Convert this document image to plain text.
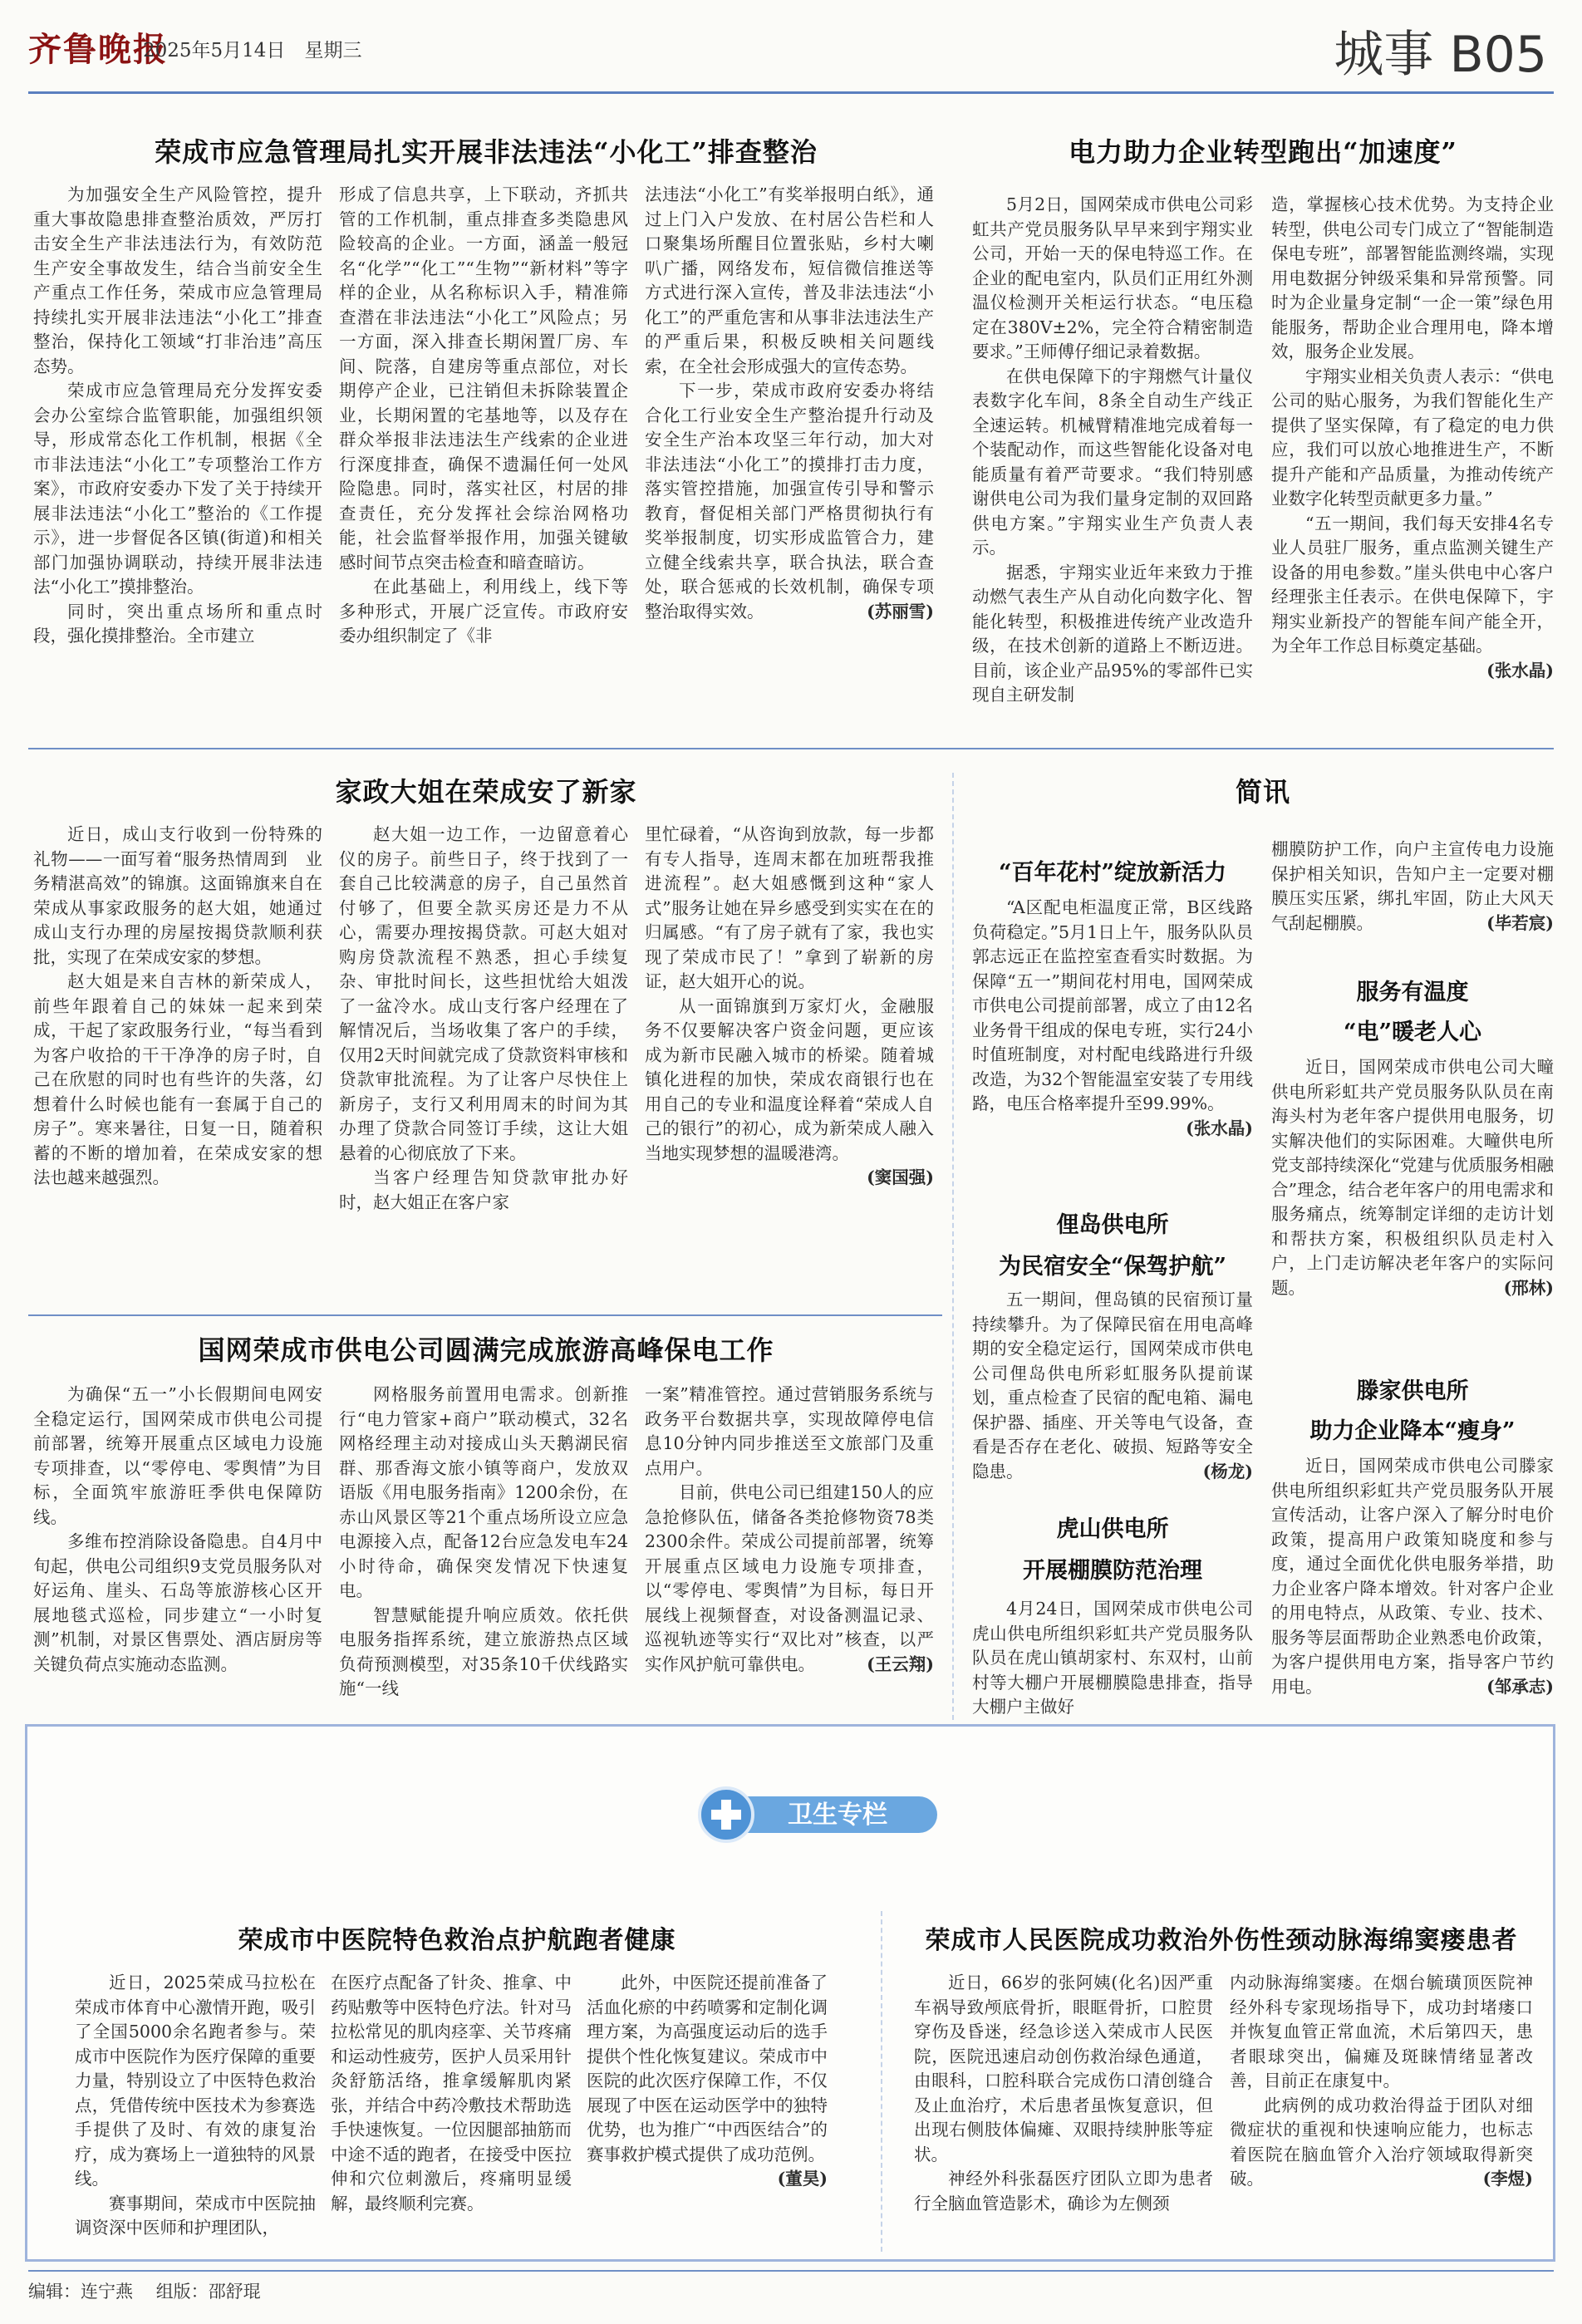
齐鲁晚报
2025年5月14日　 星期三	城事 B05
荣成市应急管理局扎实开展非法违法“小化工”排查整治

为加强安全生产风险管控，提升重大事故隐患排查整治质效，严厉打击安全生产非法违法行为，有效防范生产安全事故发生，结合当前安全生产重点工作任务，荣成市应急管理局持续扎实开展非法违法“小化工”排查整治，保持化工领域“打非治违”高压态势。

荣成市应急管理局充分发挥安委会办公室综合监管职能，加强组织领导，形成常态化工作机制，根据《全市非法违法“小化工”专项整治工作方案》，市政府安委办下发了关于持续开展非法违法“小化工”整治的《工作提示》，进一步督促各区镇(街道)和相关部门加强协调联动，持续开展非法违法“小化工”摸排整治。

同时，突出重点场所和重点时段，强化摸排整治。全市建立

形成了信息共享，上下联动，齐抓共管的工作机制，重点排查多类隐患风险较高的企业。一方面，涵盖一般冠名“化学”“化工”“生物”“新材料”等字样的企业，从名称标识入手，精准筛查潜在非法违法“小化工”风险点；另一方面，深入排查长期闲置厂房、车间、院落，自建房等重点部位，对长期停产企业，已注销但未拆除装置企业，长期闲置的宅基地等，以及存在群众举报非法违法生产线索的企业进行深度排查，确保不遗漏任何一处风险隐患。同时，落实社区，村居的排查责任，充分发挥社会综治网格功能，社会监督举报作用，加强关键敏感时间节点突击检查和暗查暗访。

在此基础上，利用线上，线下等多种形式，开展广泛宣传。市政府安委办组织制定了《非

法违法“小化工”有奖举报明白纸》，通过上门入户发放、在村居公告栏和人口聚集场所醒目位置张贴，乡村大喇叭广播，网络发布，短信微信推送等方式进行深入宣传，普及非法违法“小化工”的严重危害和从事非法违法生产的严重后果，积极反映相关问题线索，在全社会形成强大的宣传态势。

下一步，荣成市政府安委办将结合化工行业安全生产整治提升行动及安全生产治本攻坚三年行动，加大对非法违法“小化工”的摸排打击力度，落实管控措施，加强宣传引导和警示教育，督促相关部门严格贯彻执行有奖举报制度，切实形成监管合力，建立健全线索共享，联合执法，联合查处，联合惩戒的长效机制，确保专项整治取得实效。	(苏丽雪)

电力助力企业转型跑出“加速度”

5月2日，国网荣成市供电公司彩虹共产党员服务队早早来到宇翔实业公司，开始一天的保电特巡工作。在企业的配电室内，队员们正用红外测温仪检测开关柜运行状态。“电压稳定在380V±2%，完全符合精密制造要求。”王师傅仔细记录着数据。

在供电保障下的宇翔燃气计量仪表数字化车间，8条全自动生产线正全速运转。机械臂精准地完成着每一个装配动作，而这些智能化设备对电能质量有着严苛要求。“我们特别感谢供电公司为我们量身定制的双回路供电方案。”宇翔实业生产负责人表示。

据悉，宇翔实业近年来致力于推动燃气表生产从自动化向数字化、智能化转型，积极推进传统产业改造升级，在技术创新的道路上不断迈进。目前，该企业产品95%的零部件已实现自主研发制

造，掌握核心技术优势。为支持企业转型，供电公司专门成立了“智能制造保电专班”，部署智能监测终端，实现用电数据分钟级采集和异常预警。同时为企业量身定制“一企一策”绿色用能服务，帮助企业合理用电，降本增效，服务企业发展。

宇翔实业相关负责人表示：“供电公司的贴心服务，为我们智能化生产提供了坚实保障，有了稳定的电力供应，我们可以放心地推进生产，不断提升产能和产品质量，为推动传统产业数字化转型贡献更多力量。”

“五一期间，我们每天安排4名专业人员驻厂服务，重点监测关键生产设备的用电参数。”崖头供电中心客户经理张主任表示。在供电保障下，宇翔实业新投产的智能车间产能全开，为全年工作总目标奠定基础。
(张水晶)

家政大姐在荣成安了新家

近日，成山支行收到一份特殊的礼物——一面写着“服务热情周到　业务精湛高效”的锦旗。这面锦旗来自在荣成从事家政服务的赵大姐，她通过成山支行办理的房屋按揭贷款顺利获批，实现了在荣成安家的梦想。

赵大姐是来自吉林的新荣成人，前些年跟着自己的妹妹一起来到荣成，干起了家政服务行业，“每当看到为客户收拾的干干净净的房子时，自己在欣慰的同时也有些许的失落，幻想着什么时候也能有一套属于自己的房子”。寒来暑往，日复一日，随着积蓄的不断的增加着，在荣成安家的想法也越来越强烈。

赵大姐一边工作，一边留意着心仪的房子。前些日子，终于找到了一套自己比较满意的房子，自己虽然首付够了，但要全款买房还是力不从心，需要办理按揭贷款。可赵大姐对购房贷款流程不熟悉，担心手续复杂、审批时间长，这些担忧给大姐泼了一盆冷水。成山支行客户经理在了解情况后，当场收集了客户的手续，仅用2天时间就完成了贷款资料审核和贷款审批流程。为了让客户尽快住上新房子，支行又利用周末的时间为其办理了贷款合同签订手续，这让大姐悬着的心彻底放了下来。

当客户经理告知贷款审批办好时，赵大姐正在客户家

里忙碌着，“从咨询到放款，每一步都有专人指导，连周末都在加班帮我推进流程”。赵大姐感慨到这种“家人式”服务让她在异乡感受到实实在在的归属感。“有了房子就有了家，我也实现了荣成市民了！”拿到了崭新的房证，赵大姐开心的说。

从一面锦旗到万家灯火，金融服务不仅要解决客户资金问题，更应该成为新市民融入城市的桥梁。随着城镇化进程的加快，荣成农商银行也在用自己的专业和温度诠释着“荣成人自己的银行”的初心，成为新荣成人融入当地实现梦想的温暖港湾。
(窦国强)

国网荣成市供电公司圆满完成旅游高峰保电工作

为确保“五一”小长假期间电网安全稳定运行，国网荣成市供电公司提前部署，统筹开展重点区域电力设施专项排查，以“零停电、零舆情”为目标，全面筑牢旅游旺季供电保障防线。

多维布控消除设备隐患。自4月中旬起，供电公司组织9支党员服务队对好运角、崖头、石岛等旅游核心区开展地毯式巡检，同步建立“一小时复测”机制，对景区售票处、酒店厨房等关键负荷点实施动态监测。

网格服务前置用电需求。创新推行“电力管家+商户”联动模式，32名网格经理主动对接成山头天鹅湖民宿群、那香海文旅小镇等商户，发放双语版《用电服务指南》1200余份，在赤山风景区等21个重点场所设立应急电源接入点，配备12台应急发电车24小时待命，确保突发情况下快速复电。

智慧赋能提升响应质效。依托供电服务指挥系统，建立旅游热点区域负荷预测模型，对35条10千伏线路实施“一线

一案”精准管控。通过营销服务系统与政务平台数据共享，实现故障停电信息10分钟内同步推送至文旅部门及重点用户。

目前，供电公司已组建150人的应急抢修队伍，储备各类抢修物资78类2300余件。荣成公司提前部署，统筹开展重点区域电力设施专项排查，以“零停电、零舆情”为目标，每日开展线上视频督查，对设备测温记录、巡视轨迹等实行“双比对”核查，以严实作风护航可靠供电。	(王云翔)

简讯
“百年花村”绽放新活力

“A区配电柜温度正常，B区线路负荷稳定。”5月1日上午，服务队队员郭志远正在监控室查看实时数据。为保障“五一”期间花村用电，国网荣成市供电公司提前部署，成立了由12名业务骨干组成的保电专班，实行24小时值班制度，对村配电线路进行升级改造，为32个智能温室安装了专用线路，电压合格率提升至99.99%。
(张水晶)

俚岛供电所
为民宿安全“保驾护航”

五一期间，俚岛镇的民宿预订量持续攀升。为了保障民宿在用电高峰期的安全稳定运行，国网荣成市供电公司俚岛供电所彩虹服务队提前谋划，重点检查了民宿的配电箱、漏电保护器、插座、开关等电气设备，查看是否存在老化、破损、短路等安全隐患。	(杨龙)

虎山供电所
开展棚膜防范治理

4月24日，国网荣成市供电公司虎山供电所组织彩虹共产党员服务队队员在虎山镇胡家村、东双村，山前村等大棚户开展棚膜隐患排查，指导大棚户主做好

棚膜防护工作，向户主宣传电力设施保护相关知识，告知户主一定要对棚膜压实压紧，绑扎牢固，防止大风天气刮起棚膜。	(毕若宸)

服务有温度
“电”暖老人心

近日，国网荣成市供电公司大疃供电所彩虹共产党员服务队队员在南海头村为老年客户提供用电服务，切实解决他们的实际困难。大疃供电所党支部持续深化“党建与优质服务相融合”理念，结合老年客户的用电需求和服务痛点，统筹制定详细的走访计划和帮扶方案，积极组织队员走村入户，上门走访解决老年客户的实际问题。	(邢林)

滕家供电所
助力企业降本“瘦身”

近日，国网荣成市供电公司滕家供电所组织彩虹共产党员服务队开展宣传活动，让客户深入了解分时电价政策，提高用户政策知晓度和参与度，通过全面优化供电服务举措，助力企业客户降本增效。针对客户企业的用电特点，从政策、专业、技术、服务等层面帮助企业熟悉电价政策，为客户提供用电方案，指导客户节约用电。	(邹承志)

卫生专栏
荣成市中医院特色救治点护航跑者健康

近日，2025荣成马拉松在荣成市体育中心激情开跑，吸引了全国5000余名跑者参与。荣成市中医院作为医疗保障的重要力量，特别设立了中医特色救治点，凭借传统中医技术为参赛选手提供了及时、有效的康复治疗，成为赛场上一道独特的风景线。

赛事期间，荣成市中医院抽调资深中医师和护理团队，

在医疗点配备了针灸、推拿、中药贴敷等中医特色疗法。针对马拉松常见的肌肉痉挛、关节疼痛和运动性疲劳，医护人员采用针灸舒筋活络，推拿缓解肌肉紧张，并结合中药冷敷技术帮助选手快速恢复。一位因腿部抽筋而中途不适的跑者，在接受中医拉伸和穴位刺激后，疼痛明显缓解，最终顺利完赛。

此外，中医院还提前准备了活血化瘀的中药喷雾和定制化调理方案，为高强度运动后的选手提供个性化恢复建议。荣成市中医院的此次医疗保障工作，不仅展现了中医在运动医学中的独特优势，也为推广“中西医结合”的赛事救护模式提供了成功范例。
(董昊)

荣成市人民医院成功救治外伤性颈动脉海绵窦瘘患者

近日，66岁的张阿姨(化名)因严重车祸导致颅底骨折，眼眶骨折，口腔贯穿伤及昏迷，经急诊送入荣成市人民医院，医院迅速启动创伤救治绿色通道，由眼科，口腔科联合完成伤口清创缝合及止血治疗，术后患者虽恢复意识，但出现右侧肢体偏瘫、双眼持续肿胀等症状。

神经外科张磊医疗团队立即为患者行全脑血管造影术，确诊为左侧颈

内动脉海绵窦瘘。在烟台毓璜顶医院神经外科专家现场指导下，成功封堵瘘口并恢复血管正常血流，术后第四天，患者眼球突出，偏瘫及斑睐情绪显著改善，目前正在康复中。

此病例的成功救治得益于团队对细微症状的重视和快速响应能力，也标志着医院在脑血管介入治疗领域取得新突破。	(李煜)

编辑：连宁燕　 组版：邵舒琨
